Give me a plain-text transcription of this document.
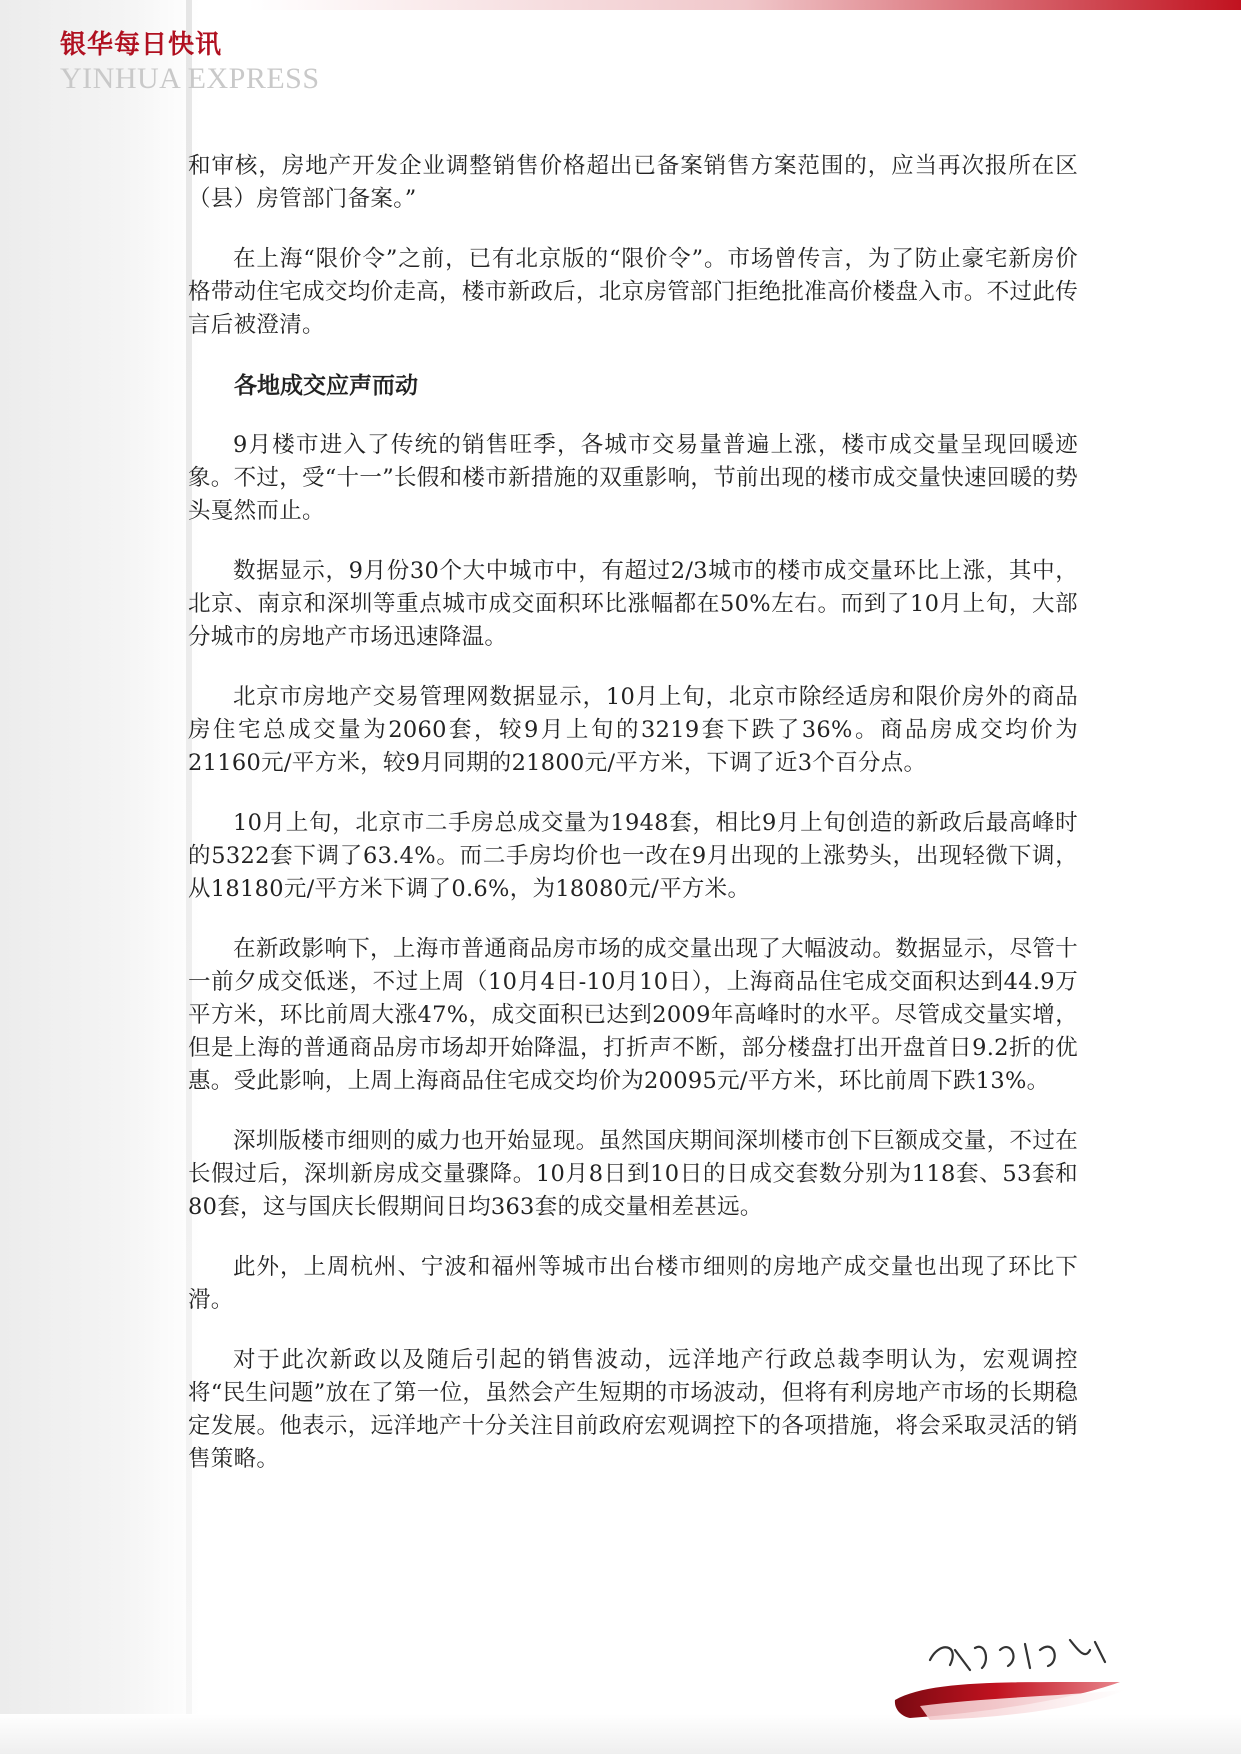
银华每日快讯
YINHUA EXPRESS

和审核，房地产开发企业调整销售价格超出已备案销售方案范围的，应当再次报所在区（县）房管部门备案。”

在上海“限价令”之前，已有北京版的“限价令”。市场曾传言，为了防止豪宅新房价格带动住宅成交均价走高，楼市新政后，北京房管部门拒绝批准高价楼盘入市。不过此传言后被澄清。

各地成交应声而动

9月楼市进入了传统的销售旺季，各城市交易量普遍上涨，楼市成交量呈现回暖迹象。不过，受“十一”长假和楼市新措施的双重影响，节前出现的楼市成交量快速回暖的势头戛然而止。

数据显示，9月份30个大中城市中，有超过2/3城市的楼市成交量环比上涨，其中，北京、南京和深圳等重点城市成交面积环比涨幅都在50%左右。而到了10月上旬，大部分城市的房地产市场迅速降温。

北京市房地产交易管理网数据显示，10月上旬，北京市除经适房和限价房外的商品房住宅总成交量为2060套，较9月上旬的3219套下跌了36%。商品房成交均价为21160元/平方米，较9月同期的21800元/平方米，下调了近3个百分点。

10月上旬，北京市二手房总成交量为1948套，相比9月上旬创造的新政后最高峰时的5322套下调了63.4%。而二手房均价也一改在9月出现的上涨势头，出现轻微下调，从18180元/平方米下调了0.6%，为18080元/平方米。

在新政影响下，上海市普通商品房市场的成交量出现了大幅波动。数据显示，尽管十一前夕成交低迷，不过上周（10月4日-10月10日），上海商品住宅成交面积达到44.9万平方米，环比前周大涨47%，成交面积已达到2009年高峰时的水平。尽管成交量实增，但是上海的普通商品房市场却开始降温，打折声不断，部分楼盘打出开盘首日9.2折的优惠。受此影响，上周上海商品住宅成交均价为20095元/平方米，环比前周下跌13%。

深圳版楼市细则的威力也开始显现。虽然国庆期间深圳楼市创下巨额成交量，不过在长假过后，深圳新房成交量骤降。10月8日到10日的日成交套数分别为118套、53套和80套，这与国庆长假期间日均363套的成交量相差甚远。

此外，上周杭州、宁波和福州等城市出台楼市细则的房地产成交量也出现了环比下滑。

对于此次新政以及随后引起的销售波动，远洋地产行政总裁李明认为，宏观调控将“民生问题”放在了第一位，虽然会产生短期的市场波动，但将有利房地产市场的长期稳定发展。他表示，远洋地产十分关注目前政府宏观调控下的各项措施，将会采取灵活的销售策略。
